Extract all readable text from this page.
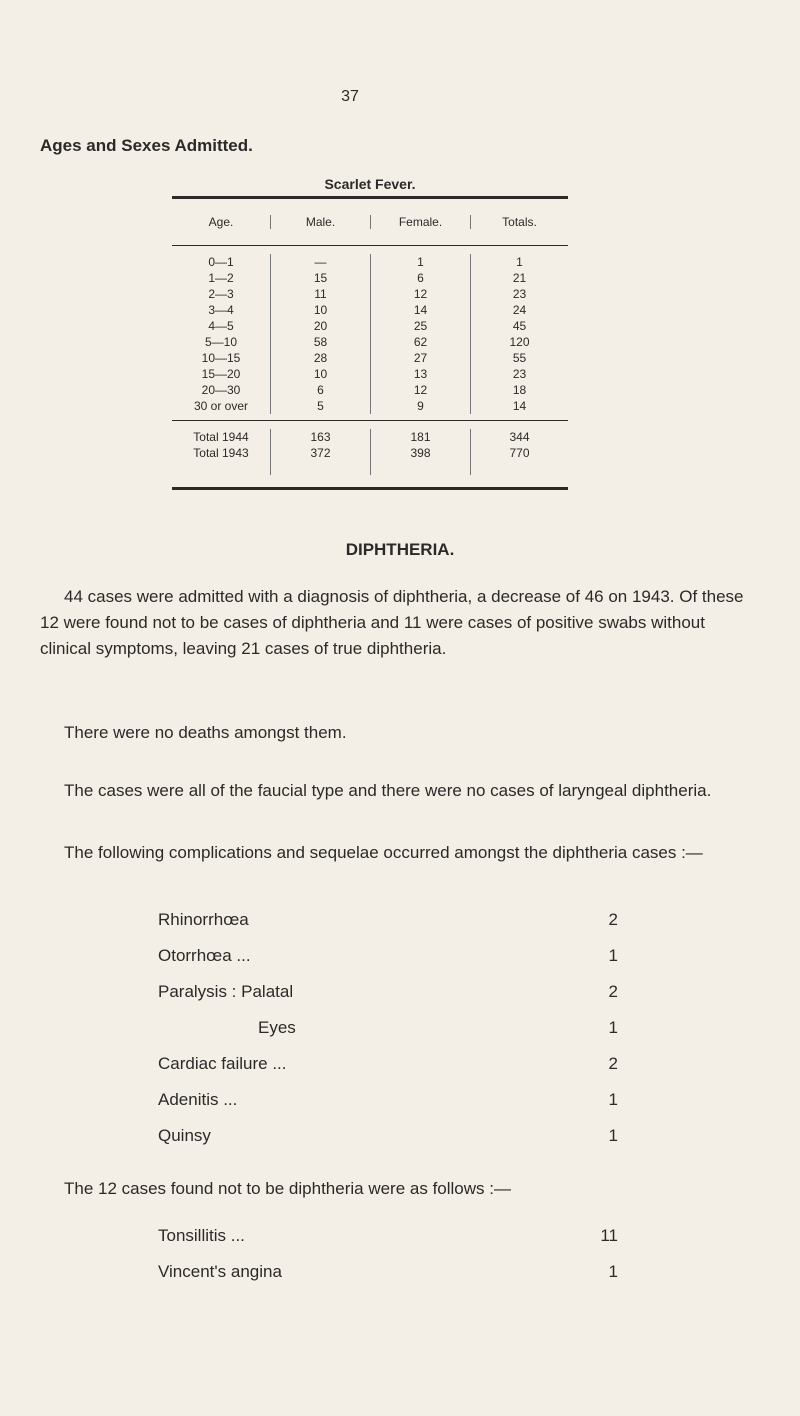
37
Ages and Sexes Admitted.
Scarlet Fever.
Age.	Male.	Female.	Totals.
0—1	—	1	1
1—2	15	6	21
2—3	11	12	23
3—4	10	14	24
4—5	20	25	45
5—10	58	62	120
10—15	28	27	55
15—20	10	13	23
20—30	6	12	18
30 or over	5	9	14
Total 1944	163	181	344
Total 1943	372	398	770
DIPHTHERIA.
44 cases were admitted with a diagnosis of diphtheria, a decrease of 46 on 1943. Of these 12 were found not to be cases of diphtheria and 11 were cases of positive swabs without clinical symptoms, leaving 21 cases of true diphtheria.
There were no deaths amongst them.
The cases were all of the faucial type and there were no cases of laryngeal diphtheria.
The following complications and sequelae occurred amongst the diphtheria cases :—
Rhinorrhœa	2
Otorrhœa ...	1
Paralysis : Palatal	2
Eyes	1
Cardiac failure ...	2
Adenitis ...	1
Quinsy	1
The 12 cases found not to be diphtheria were as follows :—
Tonsillitis ...	11
Vincent's angina	1
